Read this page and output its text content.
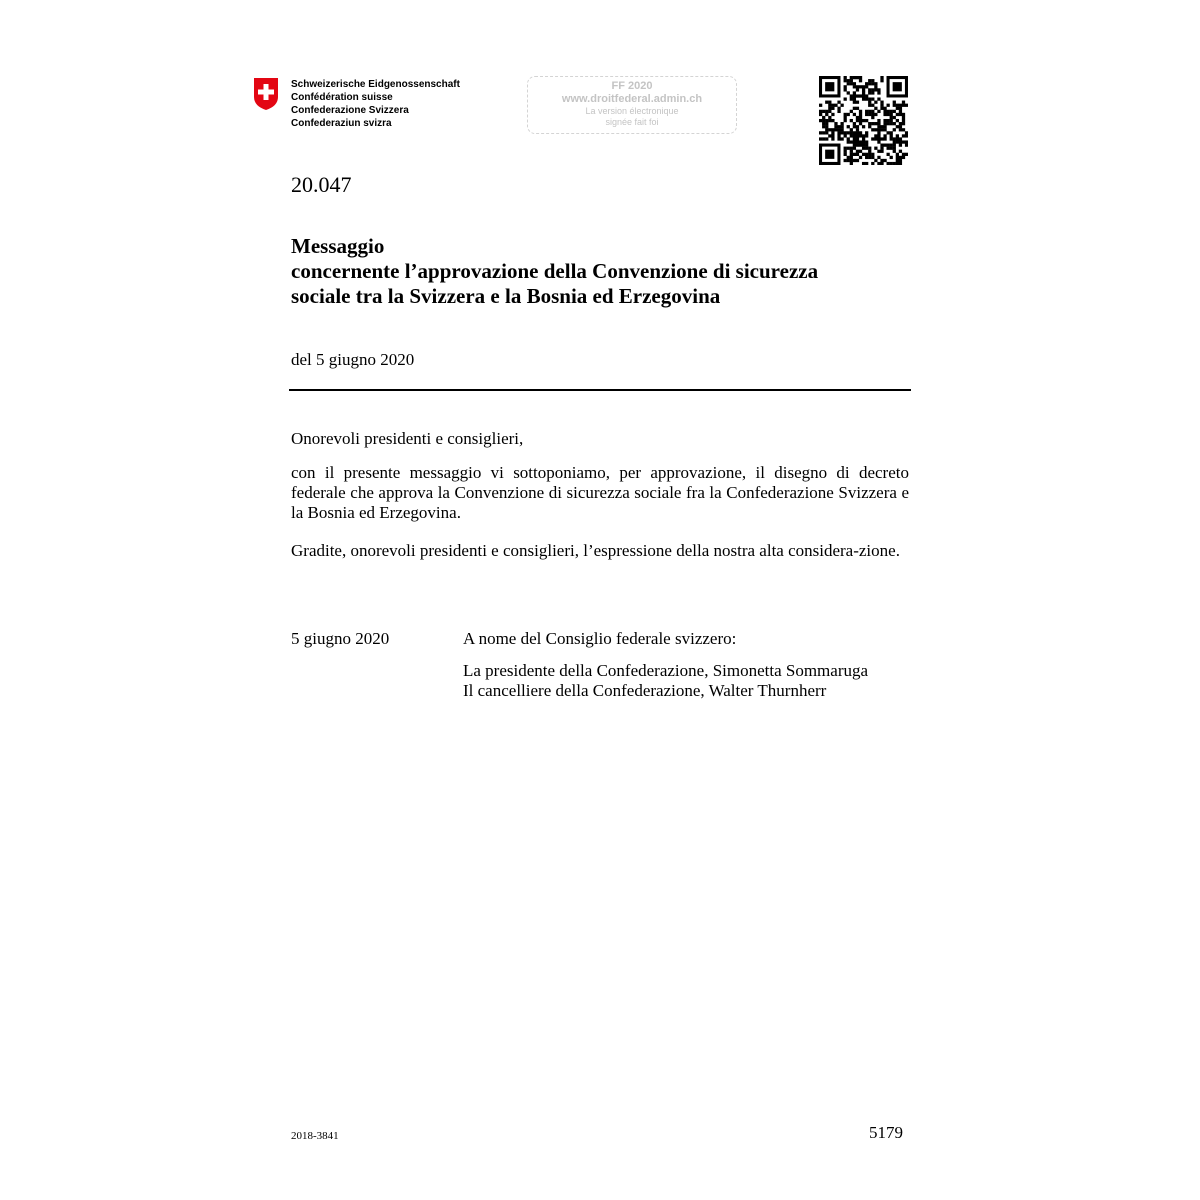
Schweizerische Eidgenossenschaft
Confédération suisse
Confederazione Svizzera
Confederaziun svizra
FF 2020
www.droitfederal.admin.ch
La version électronique
signée fait foi
20.047
Messaggio
concernente l’approvazione della Convenzione di sicurezza
sociale tra la Svizzera e la Bosnia ed Erzegovina
del 5 giugno 2020
Onorevoli presidenti e consiglieri,
con il presente messaggio vi sottoponiamo, per approvazione, il disegno di decreto federale che approva la Convenzione di sicurezza sociale fra la Confederazione Svizzera e la Bosnia ed Erzegovina.
Gradite, onorevoli presidenti e consiglieri, l’espressione della nostra alta considera-zione.
5 giugno 2020	A nome del Consiglio federale svizzero:
La presidente della Confederazione, Simonetta Sommaruga
Il cancelliere della Confederazione, Walter Thurnherr
2018-3841	5179
